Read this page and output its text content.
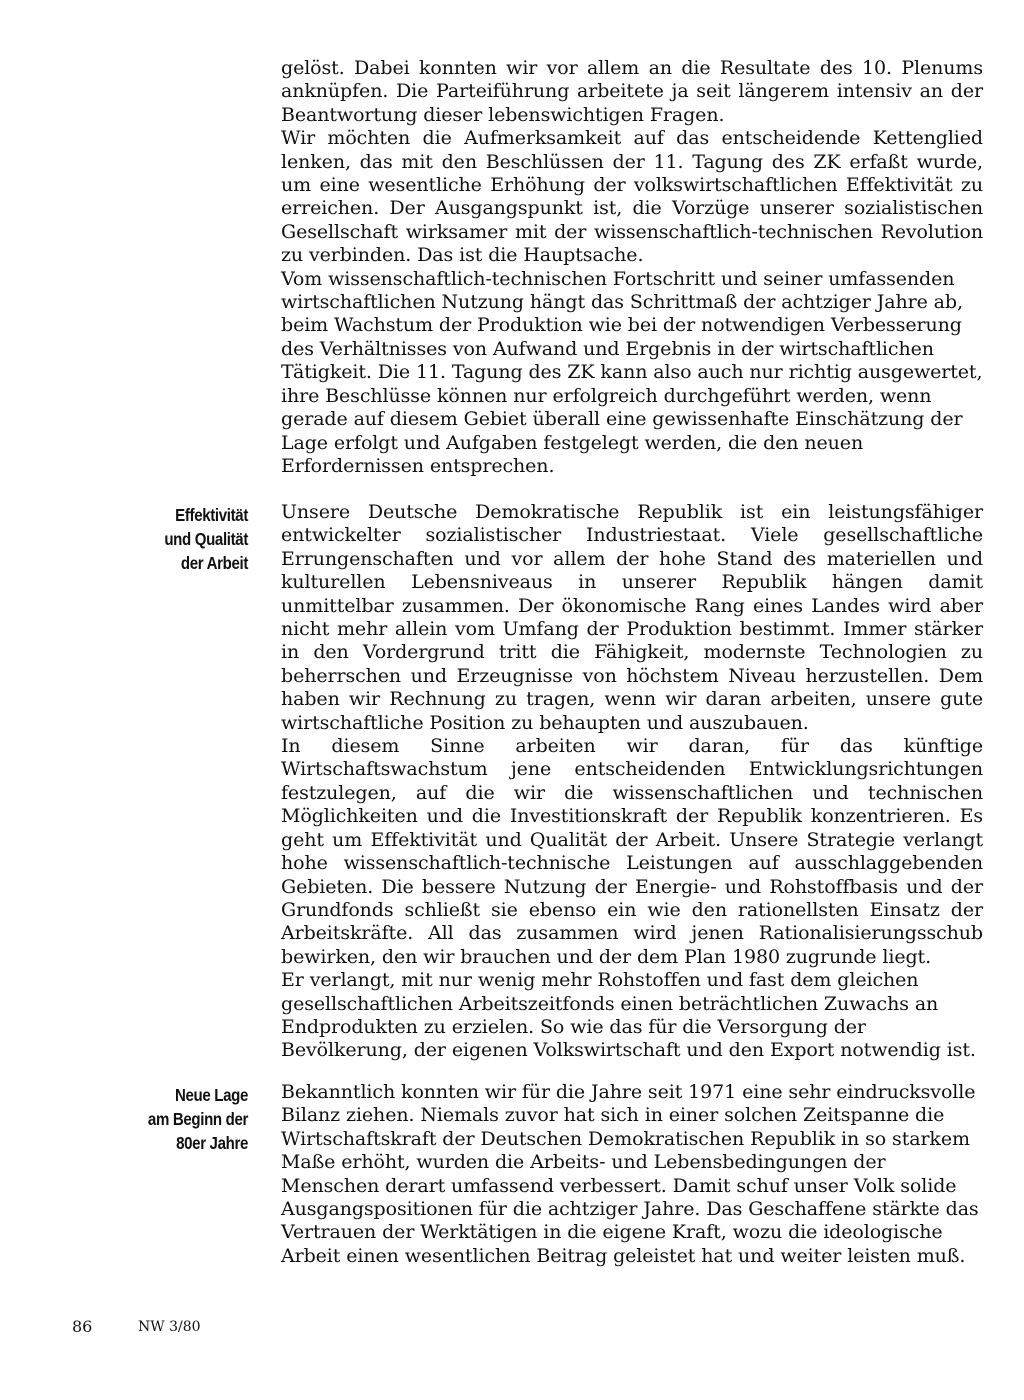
gelöst. Dabei konnten wir vor allem an die Resultate des 10. Plenums anknüpfen. Die Parteiführung arbeitete ja seit längerem intensiv an der Beantwortung dieser lebenswichtigen Fragen.

Wir möchten die Aufmerksamkeit auf das entscheidende Kettenglied lenken, das mit den Beschlüssen der 11. Tagung des ZK erfaßt wurde, um eine wesentliche Erhöhung der volkswirtschaftlichen Effektivität zu erreichen. Der Ausgangspunkt ist, die Vorzüge unserer sozialistischen Gesellschaft wirksamer mit der wissenschaftlich-technischen Revolution zu verbinden. Das ist die Hauptsache.

Vom wissenschaftlich-technischen Fortschritt und seiner umfassenden wirtschaftlichen Nutzung hängt das Schrittmaß der achtziger Jahre ab, beim Wachstum der Produktion wie bei der notwendigen Verbesserung des Verhältnisses von Aufwand und Ergebnis in der wirtschaftlichen Tätigkeit. Die 11. Tagung des ZK kann also auch nur richtig ausgewertet, ihre Beschlüsse können nur erfolgreich durchgeführt werden, wenn gerade auf diesem Gebiet überall eine gewissenhafte Einschätzung der Lage erfolgt und Aufgaben festgelegt werden, die den neuen Erfordernissen entsprechen.

Effektivität
und Qualität
der Arbeit

Unsere Deutsche Demokratische Republik ist ein leistungsfähiger entwickelter sozialistischer Industriestaat. Viele gesellschaftliche Errungenschaften und vor allem der hohe Stand des materiellen und kulturellen Lebensniveaus in unserer Republik hängen damit unmittelbar zusammen. Der ökonomische Rang eines Landes wird aber nicht mehr allein vom Umfang der Produktion bestimmt. Immer stärker in den Vordergrund tritt die Fähigkeit, modernste Technologien zu beherrschen und Erzeugnisse von höchstem Niveau herzustellen. Dem haben wir Rechnung zu tragen, wenn wir daran arbeiten, unsere gute wirtschaftliche Position zu behaupten und auszubauen.

In diesem Sinne arbeiten wir daran, für das künftige Wirtschaftswachstum jene entscheidenden Entwicklungsrichtungen festzulegen, auf die wir die wissenschaftlichen und technischen Möglichkeiten und die Investitionskraft der Republik konzentrieren. Es geht um Effektivität und Qualität der Arbeit. Unsere Strategie verlangt hohe wissenschaftlich-technische Leistungen auf ausschlaggebenden Gebieten. Die bessere Nutzung der Energie- und Rohstoffbasis und der Grundfonds schließt sie ebenso ein wie den rationellsten Einsatz der Arbeitskräfte. All das zusammen wird jenen Rationalisierungsschub bewirken, den wir brauchen und der dem Plan 1980 zugrunde liegt.

Er verlangt, mit nur wenig mehr Rohstoffen und fast dem gleichen gesellschaftlichen Arbeitszeitfonds einen beträchtlichen Zuwachs an Endprodukten zu erzielen. So wie das für die Versorgung der Bevölkerung, der eigenen Volkswirtschaft und den Export notwendig ist.

Neue Lage
am Beginn der
80er Jahre

Bekanntlich konnten wir für die Jahre seit 1971 eine sehr eindrucksvolle Bilanz ziehen. Niemals zuvor hat sich in einer solchen Zeitspanne die Wirtschaftskraft der Deutschen Demokratischen Republik in so starkem Maße erhöht, wurden die Arbeits- und Lebensbedingungen der Menschen derart umfassend verbessert. Damit schuf unser Volk solide Ausgangspositionen für die achtziger Jahre. Das Geschaffene stärkte das Vertrauen der Werktätigen in die eigene Kraft, wozu die ideologische Arbeit einen wesentlichen Beitrag geleistet hat und weiter leisten muß.

86	NW 3/80
